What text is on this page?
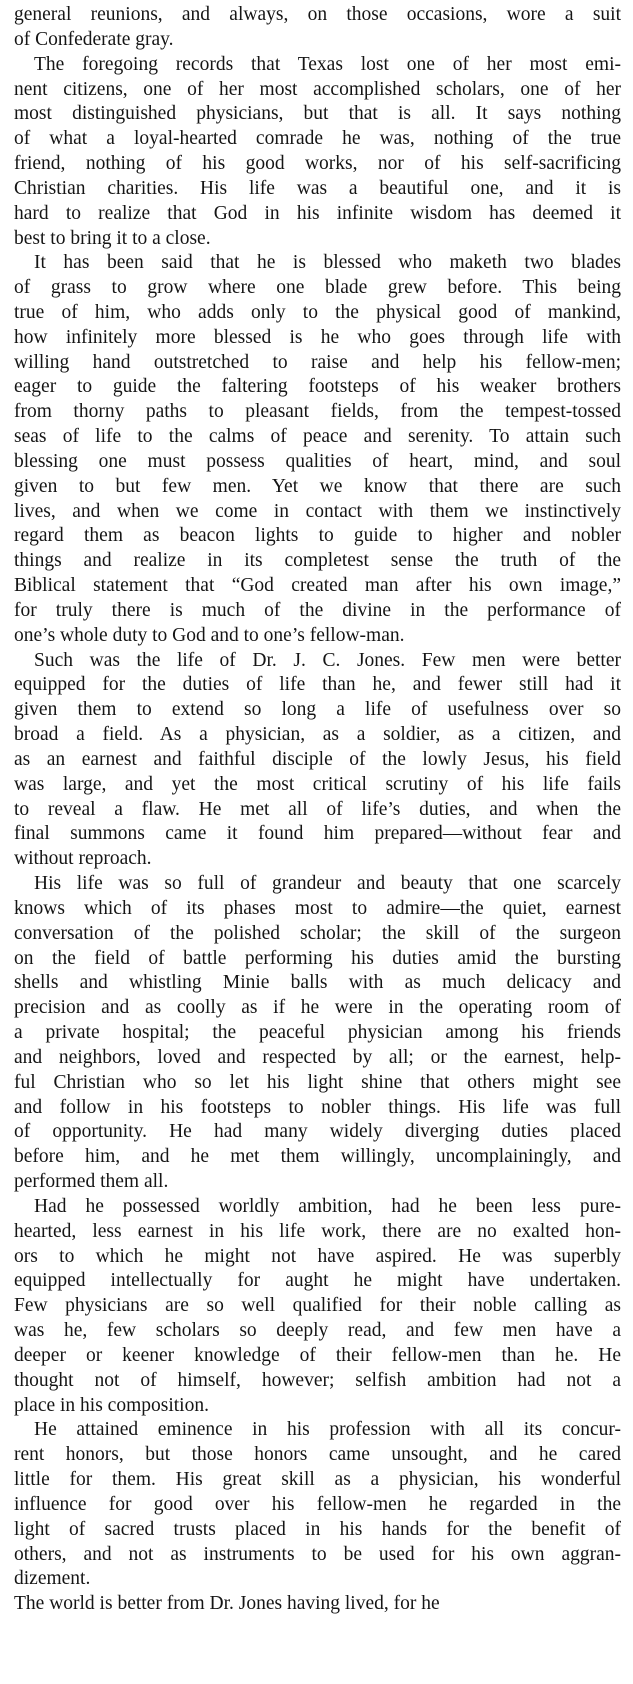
general reunions, and always, on those occasions, wore a suit
of Confederate gray.
The foregoing records that Texas lost one of her most emi-
nent citizens, one of her most accomplished scholars, one of her
most distinguished physicians, but that is all. It says nothing
of what a loyal-hearted comrade he was, nothing of the true
friend, nothing of his good works, nor of his self-sacrificing
Christian charities. His life was a beautiful one, and it is
hard to realize that God in his infinite wisdom has deemed it
best to bring it to a close.
It has been said that he is blessed who maketh two blades
of grass to grow where one blade grew before. This being
true of him, who adds only to the physical good of mankind,
how infinitely more blessed is he who goes through life with
willing hand outstretched to raise and help his fellow-men;
eager to guide the faltering footsteps of his weaker brothers
from thorny paths to pleasant fields, from the tempest-tossed
seas of life to the calms of peace and serenity. To attain such
blessing one must possess qualities of heart, mind, and soul
given to but few men. Yet we know that there are such
lives, and when we come in contact with them we instinctively
regard them as beacon lights to guide to higher and nobler
things and realize in its completest sense the truth of the
Biblical statement that “God created man after his own image,”
for truly there is much of the divine in the performance of
one’s whole duty to God and to one’s fellow-man.
Such was the life of Dr. J. C. Jones. Few men were better
equipped for the duties of life than he, and fewer still had it
given them to extend so long a life of usefulness over so
broad a field. As a physician, as a soldier, as a citizen, and
as an earnest and faithful disciple of the lowly Jesus, his field
was large, and yet the most critical scrutiny of his life fails
to reveal a flaw. He met all of life’s duties, and when the
final summons came it found him prepared—without fear and
without reproach.
His life was so full of grandeur and beauty that one scarcely
knows which of its phases most to admire—the quiet, earnest
conversation of the polished scholar; the skill of the surgeon
on the field of battle performing his duties amid the bursting
shells and whistling Minie balls with as much delicacy and
precision and as coolly as if he were in the operating room of
a private hospital; the peaceful physician among his friends
and neighbors, loved and respected by all; or the earnest, help-
ful Christian who so let his light shine that others might see
and follow in his footsteps to nobler things. His life was full
of opportunity. He had many widely diverging duties placed
before him, and he met them willingly, uncomplainingly, and
performed them all.
Had he possessed worldly ambition, had he been less pure-
hearted, less earnest in his life work, there are no exalted hon-
ors to which he might not have aspired. He was superbly
equipped intellectually for aught he might have undertaken.
Few physicians are so well qualified for their noble calling as
was he, few scholars so deeply read, and few men have a
deeper or keener knowledge of their fellow-men than he. He
thought not of himself, however; selfish ambition had not a
place in his composition.
He attained eminence in his profession with all its concur-
rent honors, but those honors came unsought, and he cared
little for them. His great skill as a physician, his wonderful
influence for good over his fellow-men he regarded in the
light of sacred trusts placed in his hands for the benefit of
others, and not as instruments to be used for his own aggran-
dizement.
The world is better from Dr. Jones having lived, for he
